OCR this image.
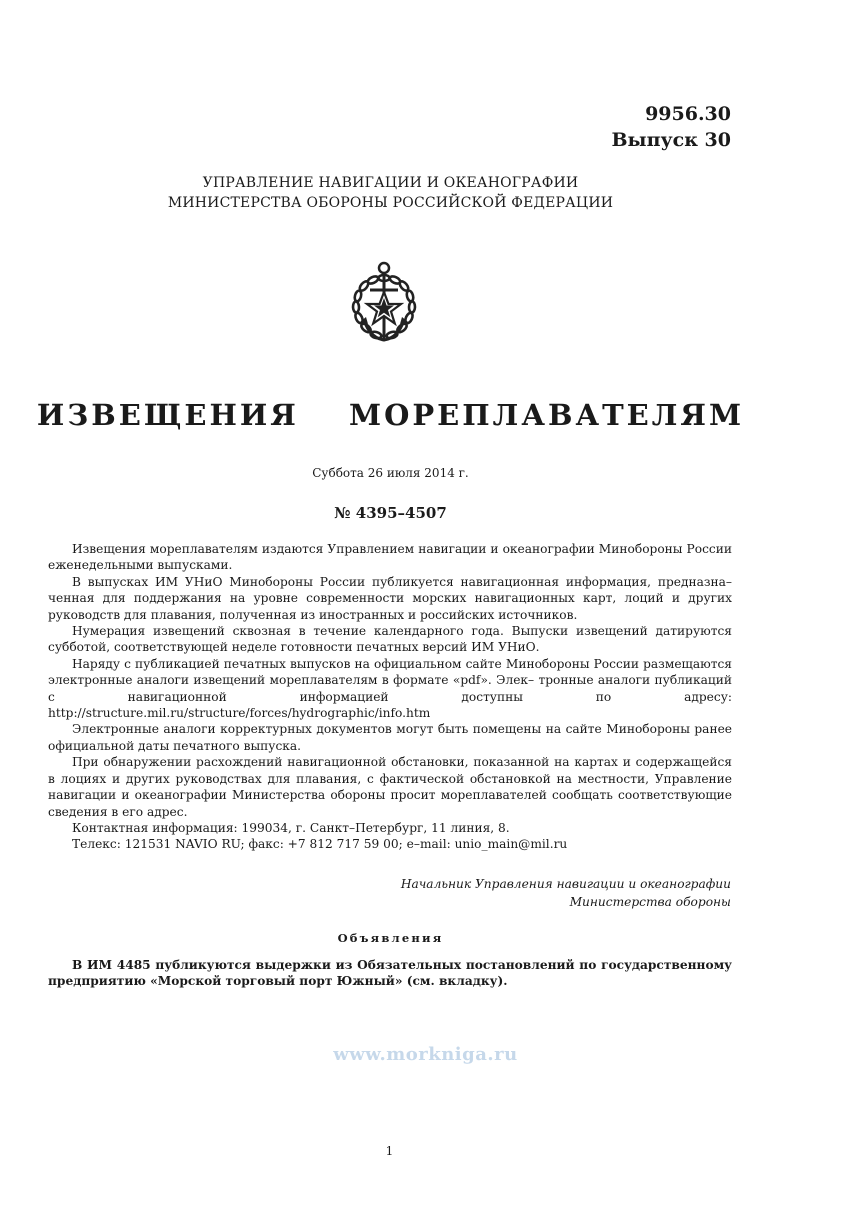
9956.30
Выпуск 30
УПРАВЛЕНИЕ НАВИГАЦИИ И ОКЕАНОГРАФИИ
МИНИСТЕРСТВА ОБОРОНЫ РОССИЙСКОЙ ФЕДЕРАЦИИ
ИЗВЕЩЕНИЯ  МОРЕПЛАВАТЕЛЯМ
Суббота 26 июля 2014 г.
№ 4395–4507

Извещения мореплавателям издаются Управлением навигации и океанографии Минобороны России еженедельными выпусками.

В выпусках ИМ УНиО Минобороны России публикуется навигационная информация, предназна– ченная для поддержания на уровне современности морских навигационных карт, лоций и других руководств для плавания, полученная из иностранных и российских источников.

Нумерация извещений сквозная в течение календарного года. Выпуски извещений датируются субботой, соответствующей неделе готовности печатных версий ИМ УНиО.

Наряду с публикацией печатных выпусков на официальном сайте Минобороны России размещаются электронные аналоги извещений мореплавателям в формате «pdf». Элек– тронные аналоги публикаций с навигационной информацией доступны по адресу: http://structure.mil.ru/structure/forces/hydrographic/info.htm

Электронные аналоги корректурных документов могут быть помещены на сайте Минобороны ранее официальной даты печатного выпуска.

При обнаружении расхождений навигационной обстановки, показанной на картах и содержащейся в лоциях и других руководствах для плавания, с фактической обстановкой на местности, Управление навигации и океанографии Министерства обороны просит мореплавателей сообщать соответствующие сведения в его адрес.

Контактная информация: 199034, г. Санкт–Петербург, 11 линия, 8.

Телекс: 121531 NAVIO RU; факс: +7 812 717 59 00; e–mail: unio_main@mil.ru

Начальник Управления навигации и океанографии
Министерства обороны
Объявления

В ИМ 4485 публикуются выдержки из Обязательных постановлений по государственному предприятию «Морской торговый порт Южный» (см. вкладку).

www.morkniga.ru
1
